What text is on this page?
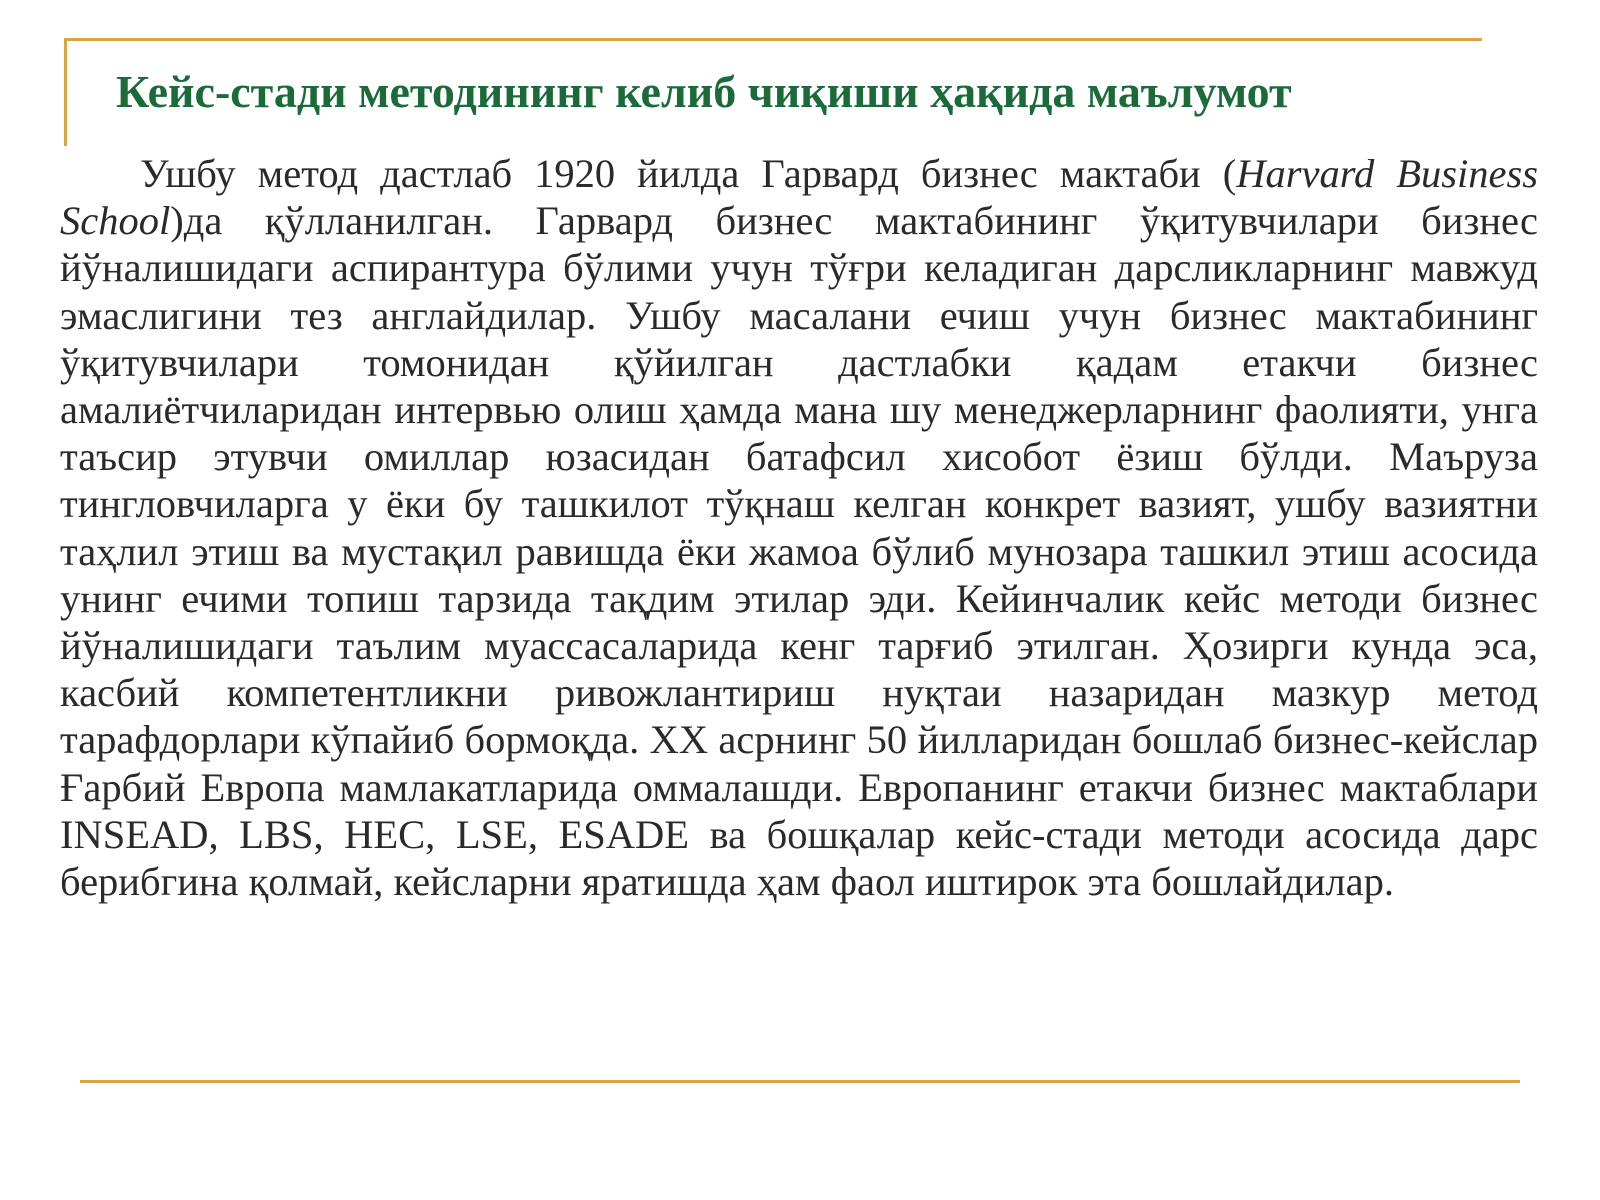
Кейс-стади методининг келиб чиқиши ҳақида маълумот

Ушбу метод дастлаб 1920 йилда Гарвард бизнес мактаби (Harvard Business School)да қўлланилган. Гарвард бизнес мактабининг ўқитувчилари бизнес йўналишидаги аспирантура бўлими учун тўғри келадиган дарсликларнинг мавжуд эмаслигини тез англайдилар. Ушбу масалани ечиш учун бизнес мактабининг ўқитувчилари томонидан қўйилган дастлабки қадам етакчи бизнес амалиётчиларидан интервью олиш ҳамда мана шу менеджерларнинг фаолияти, унга таъсир этувчи омиллар юзасидан батафсил хисобот ёзиш бўлди. Маъруза тингловчиларга у ёки бу ташкилот тўқнаш келган конкрет вазият, ушбу вазиятни таҳлил этиш ва мустақил равишда ёки жамоа бўлиб мунозара ташкил этиш асосида унинг ечими топиш тарзида тақдим этилар эди. Кейинчалик кейс методи бизнес йўналишидаги таълим муассасаларида кенг тарғиб этилган. Ҳозирги кунда эса, касбий компетентликни ривожлантириш нуқтаи назаридан мазкур метод тарафдорлари кўпайиб бормоқда. XX асрнинг 50 йилларидан бошлаб бизнес-кейслар Ғарбий Европа мамлакатларида оммалашди. Европанинг етакчи бизнес мактаблари INSEAD, LBS, HEC, LSE, ESADE ва бошқалар кейс-стади методи асосида дарс берибгина қолмай, кейсларни яратишда ҳам фаол иштирок эта бошлайдилар.
